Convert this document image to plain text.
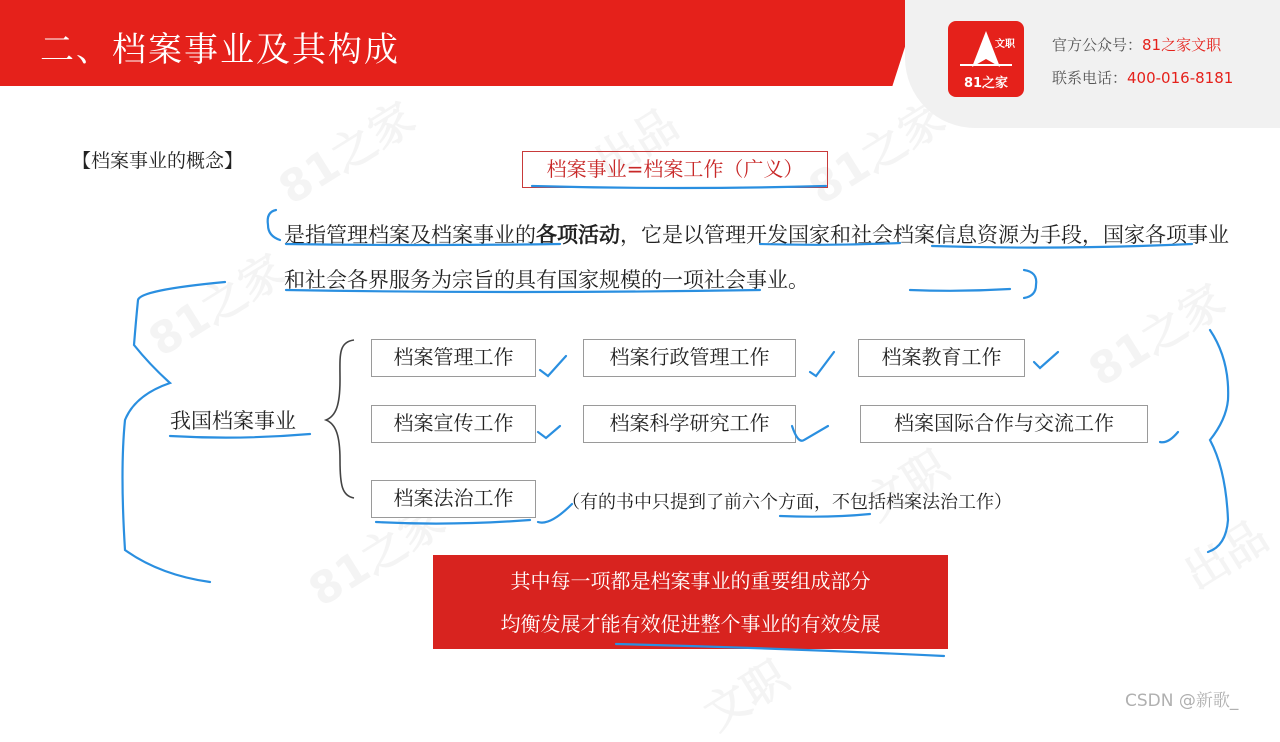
二、档案事业及其构成	文职
81之家
官方公众号：81之家文职
联系电话：400-016-8181
【档案事业的概念】	档案事业=档案工作（广义）
是指管理档案及档案事业的各项活动，它是以管理开发国家和社会档案信息资源为手段，国家各项事业和社会各界服务为宗旨的具有国家规模的一项社会事业。
我国档案事业
档案管理工作	档案行政管理工作	档案教育工作
档案宣传工作	档案科学研究工作	档案国际合作与交流工作
档案法治工作	（有的书中只提到了前六个方面，不包括档案法治工作）
其中每一项都是档案事业的重要组成部分
均衡发展才能有效促进整个事业的有效发展
CSDN @新歌_
